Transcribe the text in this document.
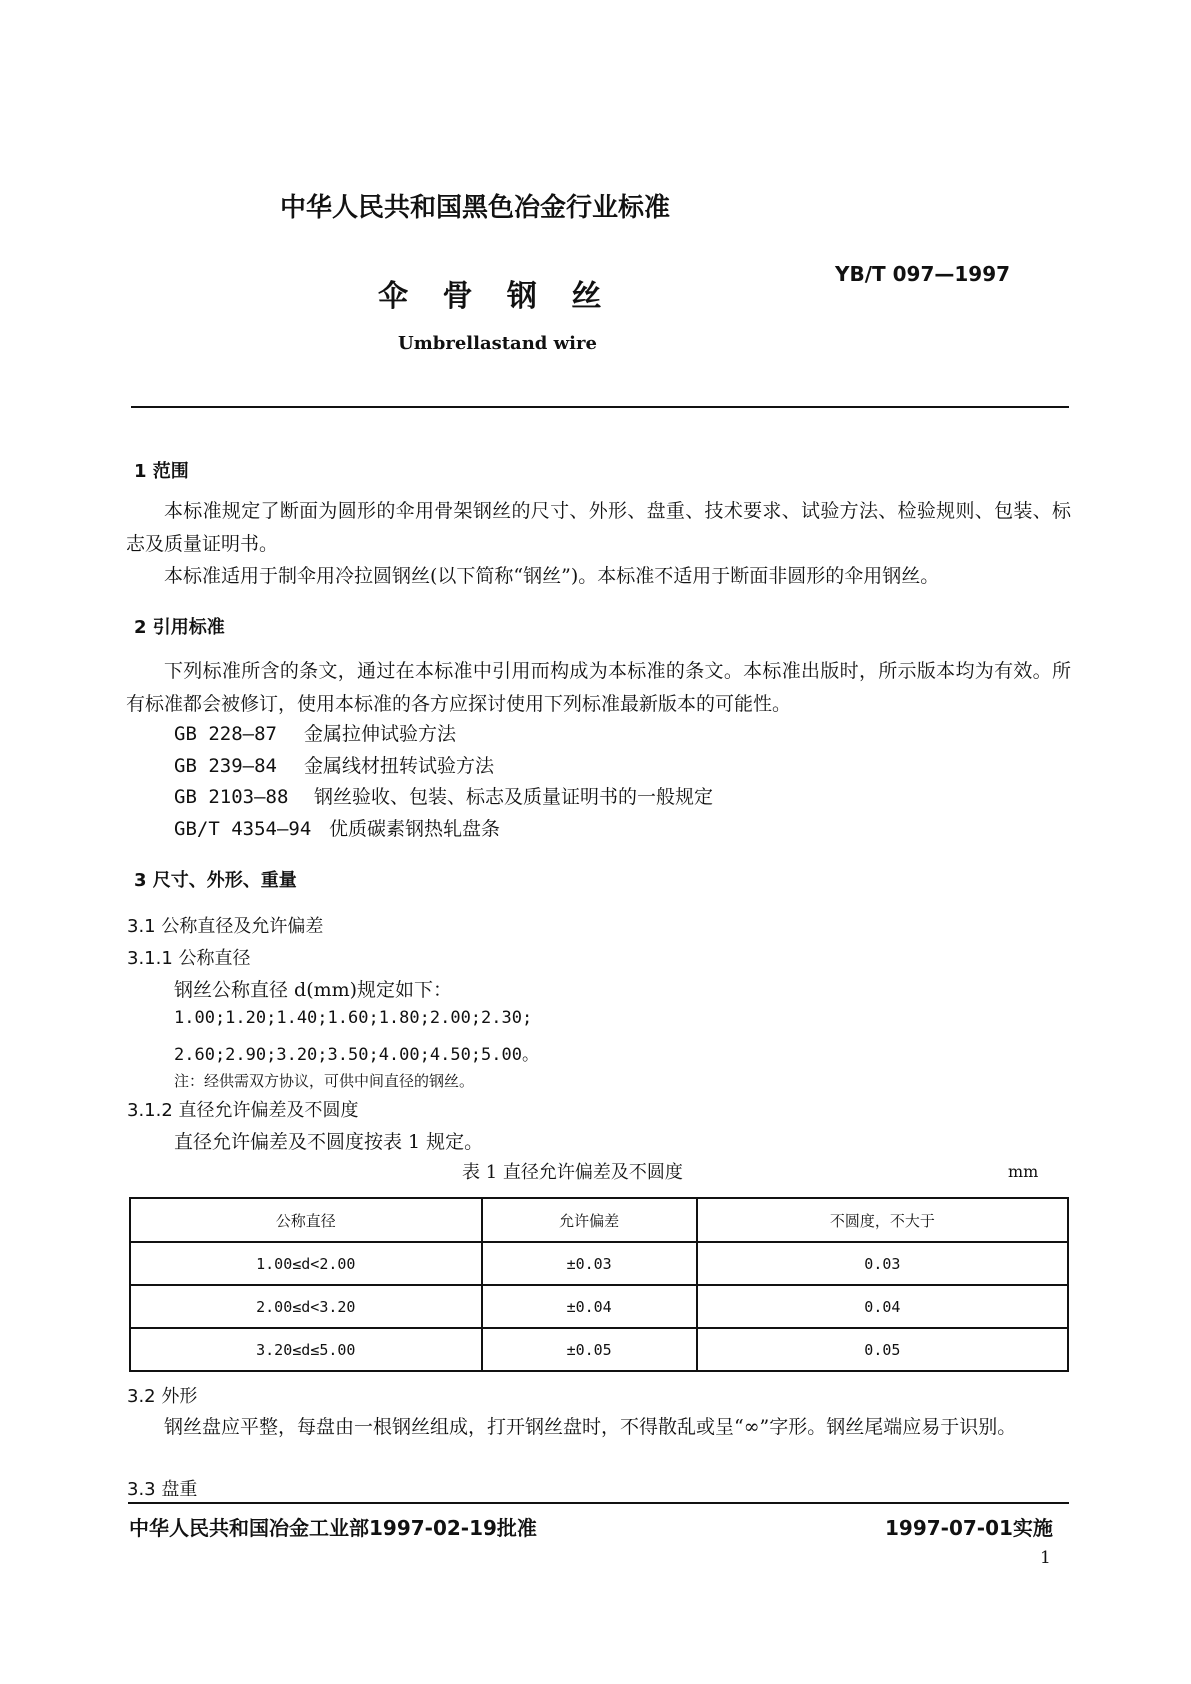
中华人民共和国黑色冶金行业标准
YB/T 097—1997
伞 骨 钢 丝
Umbrellastand wire
1 范围
本标准规定了断面为圆形的伞用骨架钢丝的尺寸、外形、盘重、技术要求、试验方法、检验规则、包装、标志及质量证明书。
本标准适用于制伞用冷拉圆钢丝(以下简称“钢丝”)。本标准不适用于断面非圆形的伞用钢丝。
2 引用标准
下列标准所含的条文，通过在本标准中引用而构成为本标准的条文。本标准出版时，所示版本均为有效。所有标准都会被修订，使用本标准的各方应探讨使用下列标准最新版本的可能性。
GB 228—87 金属拉伸试验方法
GB 239—84 金属线材扭转试验方法
GB 2103—88 钢丝验收、包装、标志及质量证明书的一般规定
GB/T 4354—94 优质碳素钢热轧盘条
3 尺寸、外形、重量
3.1 公称直径及允许偏差
3.1.1 公称直径
钢丝公称直径 d(mm)规定如下：
1.00;1.20;1.40;1.60;1.80;2.00;2.30;
2.60;2.90;3.20;3.50;4.00;4.50;5.00。
注：经供需双方协议，可供中间直径的钢丝。
3.1.2 直径允许偏差及不圆度
直径允许偏差及不圆度按表 1 规定。
表 1 直径允许偏差及不圆度	mm
公称直径	允许偏差	不圆度，不大于
1.00≤d<2.00	±0.03	0.03
2.00≤d<3.20	±0.04	0.04
3.20≤d≤5.00	±0.05	0.05
3.2 外形
钢丝盘应平整，每盘由一根钢丝组成，打开钢丝盘时，不得散乱或呈“∞”字形。钢丝尾端应易于识别。
3.3 盘重
中华人民共和国冶金工业部1997-02-19批准	1997-07-01实施
1
